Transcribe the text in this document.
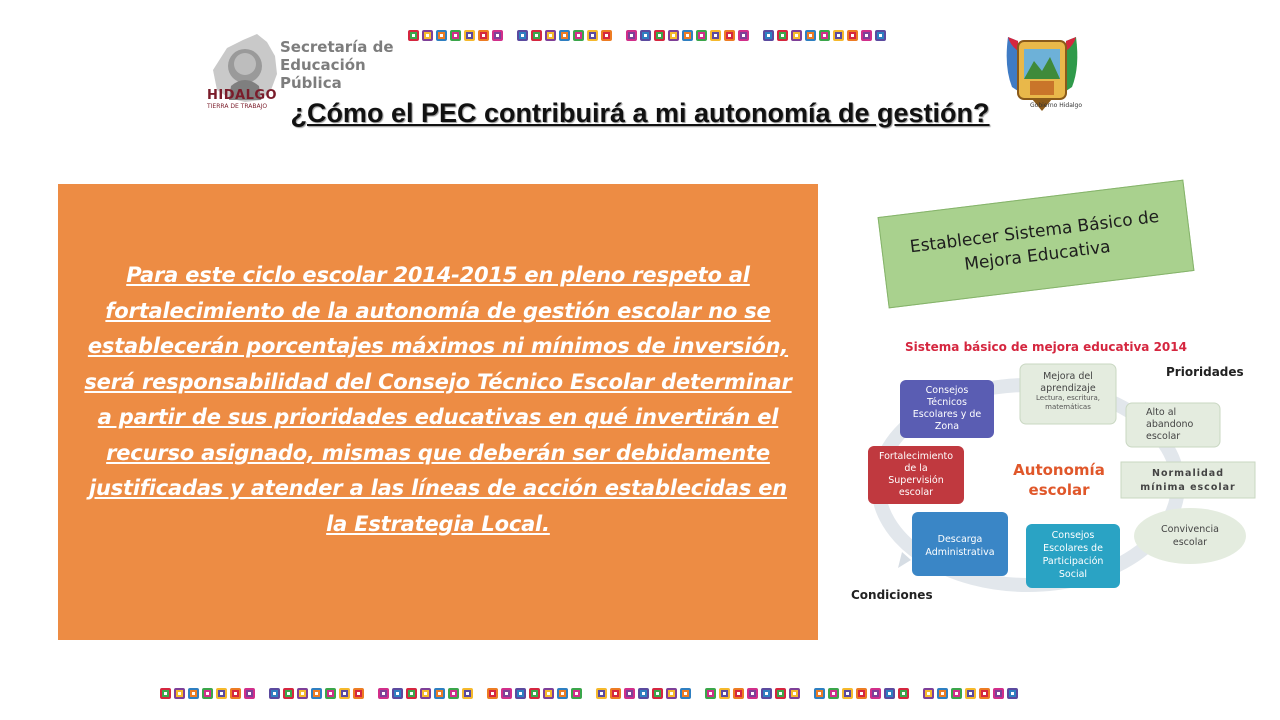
Secretaría de
Educación
Pública
HIDALGO
TIERRA DE TRABAJO	Gobierno Hidalgo
¿Cómo el PEC contribuirá a mi autonomía de gestión?
Para este ciclo escolar 2014-2015 en pleno respeto al fortalecimiento de la autonomía de gestión escolar no se establecerán porcentajes máximos ni mínimos de inversión, será responsabilidad del Consejo Técnico Escolar determinar a partir de sus prioridades educativas en qué invertirán el recurso asignado, mismas que deberán ser debidamente justificadas y atender a las líneas de acción establecidas en la Estrategia Local.
Establecer Sistema Básico de Mejora Educativa
Sistema básico de mejora educativa 2014
Prioridades
Condiciones
Autonomía
escolar
Consejos
Técnicos
Escolares y de
Zona
Mejora del
aprendizaje
Lectura, escritura, matemáticas	Alto al
abandono
escolar
Normalidad
mínima escolar
Convivencia
escolar
Consejos
Escolares de
Participación
Social
Descarga
Administrativa
Fortalecimiento
de la
Supervisión
escolar
